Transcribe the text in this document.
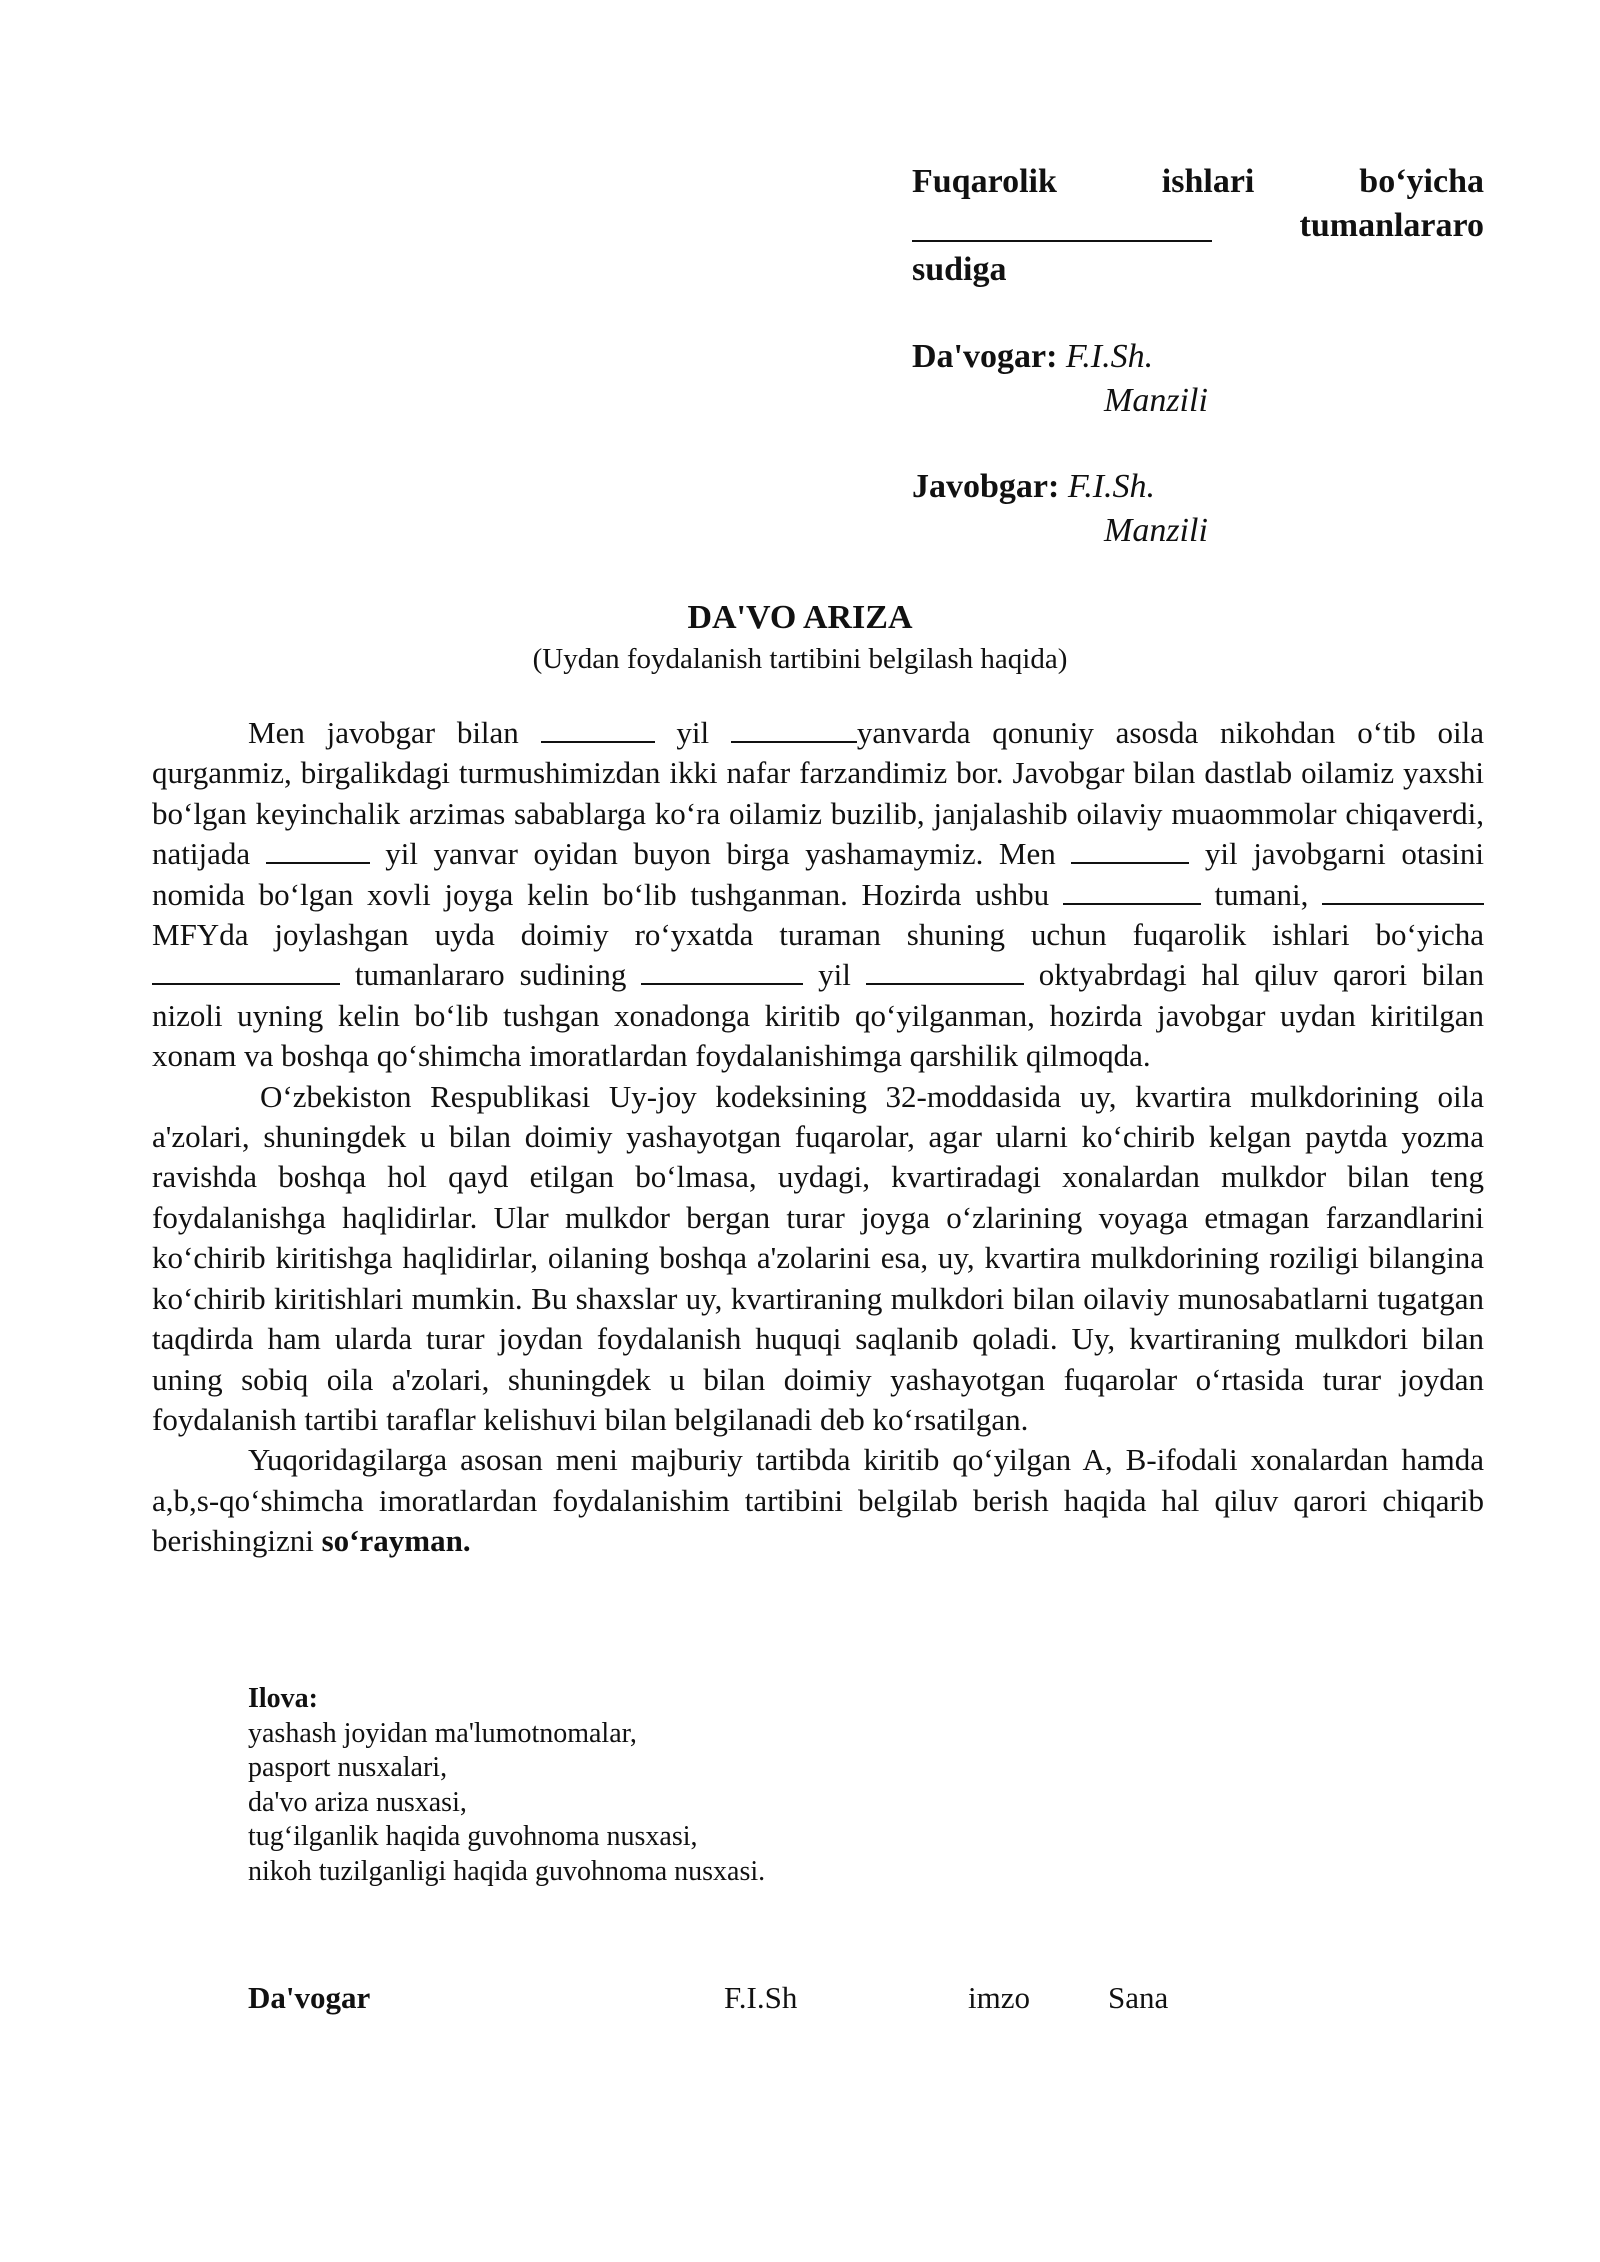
Fuqarolik	ishlari	bo‘yicha
tumanlararo
sudiga
Da'vogar: F.I.Sh.
Manzili
Javobgar: F.I.Sh.
Manzili
DA'VO ARIZA
(Uydan foydalanish tartibini belgilash haqida)

Men javobgar bilan	yil	yanvarda qonuniy asosda nikohdan o‘tib oila qurganmiz, birgalikdagi turmushimizdan ikki nafar farzandimiz bor. Javobgar bilan dastlab oilamiz yaxshi bo‘lgan keyinchalik arzimas sabablarga ko‘ra oilamiz buzilib, janjalashib oilaviy muaommolar chiqaverdi, natijada	yil yanvar oyidan buyon birga yashamaymiz. Men	yil javobgarni otasini nomida bo‘lgan xovli joyga kelin bo‘lib tushganman. Hozirda ushbu	tumani, MFYda joylashgan uyda doimiy ro‘yxatda turaman shuning uchun fuqarolik ishlari bo‘yicha  tumanlararo sudining	yil	oktyabrdagi hal qiluv qarori bilan nizoli uyning kelin bo‘lib tushgan xonadonga kiritib qo‘yilganman, hozirda javobgar uydan kiritilgan xonam va boshqa qo‘shimcha imoratlardan foydalanishimga qarshilik qilmoqda.

O‘zbekiston Respublikasi Uy-joy kodeksining 32-moddasida uy, kvartira mulkdorining oila a'zolari, shuningdek u bilan doimiy yashayotgan fuqarolar, agar ularni ko‘chirib kelgan paytda yozma ravishda boshqa hol qayd etilgan bo‘lmasa, uydagi, kvartiradagi xonalardan mulkdor bilan teng foydalanishga haqlidirlar. Ular mulkdor bergan turar joyga o‘zlarining voyaga etmagan farzandlarini ko‘chirib kiritishga haqlidirlar, oilaning boshqa a'zolarini esa, uy, kvartira mulkdorining roziligi bilangina ko‘chirib kiritishlari mumkin. Bu shaxslar uy, kvartiraning mulkdori bilan oilaviy munosabatlarni tugatgan taqdirda ham ularda turar joydan foydalanish huquqi saqlanib qoladi. Uy, kvartiraning mulkdori bilan uning sobiq oila a'zolari, shuningdek u bilan doimiy yashayotgan fuqarolar o‘rtasida turar joydan foydalanish tartibi taraflar kelishuvi bilan belgilanadi deb ko‘rsatilgan.

Yuqoridagilarga asosan meni majburiy tartibda kiritib qo‘yilgan A, B-ifodali xonalardan hamda a,b,s-qo‘shimcha imoratlardan foydalanishim tartibini belgilab berish haqida hal qiluv qarori chiqarib berishingizni so‘rayman.

Ilova:
yashash joyidan ma'lumotnomalar,
pasport nusxalari,
da'vo ariza nusxasi,
tug‘ilganlik haqida guvohnoma nusxasi,
nikoh tuzilganligi haqida guvohnoma nusxasi.
Da'vogar	F.I.Sh	imzo	Sana
